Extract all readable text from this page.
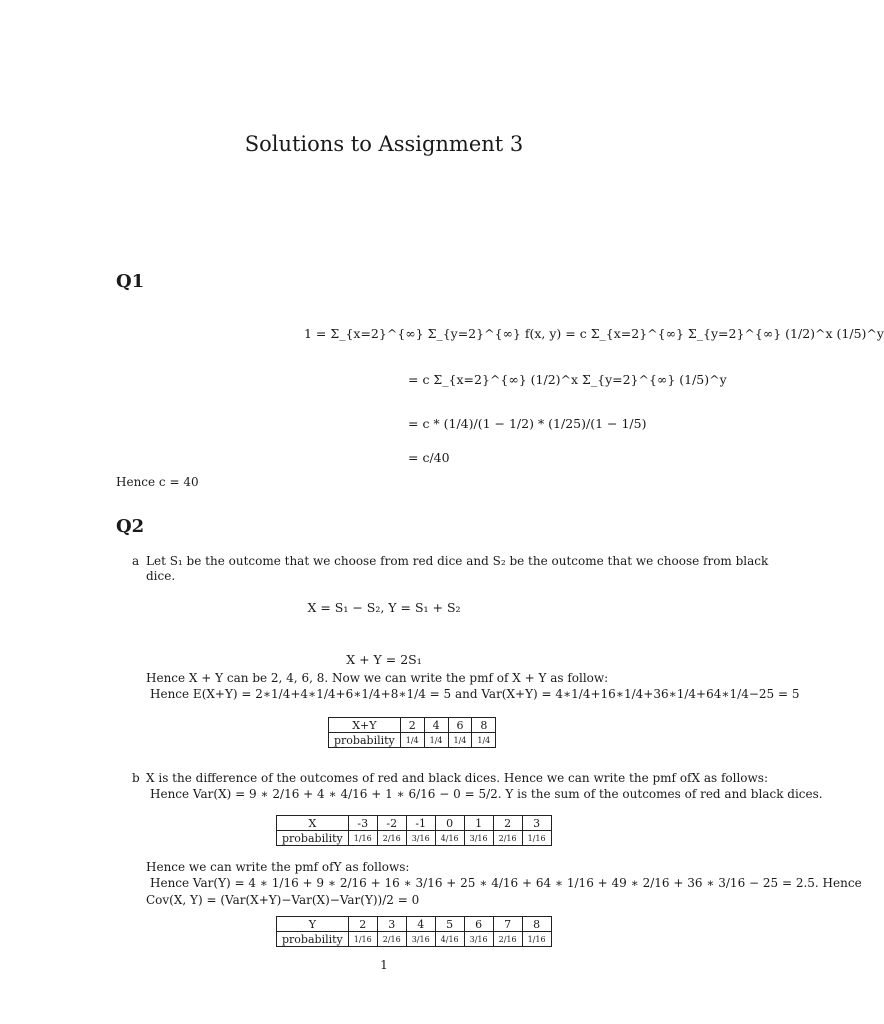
Solutions to Assignment 3
Q1
1 = Σ_{x=2}^{∞} Σ_{y=2}^{∞} f(x, y) = c Σ_{x=2}^{∞} Σ_{y=2}^{∞} (1/2)^x (1/5)^y
= c Σ_{x=2}^{∞} (1/2)^x Σ_{y=2}^{∞} (1/5)^y
= c * (1/4)/(1 − 1/2) * (1/25)/(1 − 1/5)
= c/40
Hence c = 40
Q2
a Let S₁ be the outcome that we choose from red dice and S₂ be the outcome that we choose from black
dice.
X = S₁ − S₂, Y = S₁ + S₂
X + Y = 2S₁
Hence X + Y can be 2, 4, 6, 8. Now we can write the pmf of X + Y as follow:
Hence E(X+Y) = 2∗1/4+4∗1/4+6∗1/4+8∗1/4 = 5 and Var(X+Y) = 4∗1/4+16∗1/4+36∗1/4+64∗1/4−25 = 5
X+Y	2	4	6	8
probability	1/4	1/4	1/4	1/4
b X is the difference of the outcomes of red and black dices. Hence we can write the pmf ofX as follows:
Hence Var(X) = 9 ∗ 2/16 + 4 ∗ 4/16 + 1 ∗ 6/16 − 0 = 5/2. Y is the sum of the outcomes of red and black dices.
X	-3	-2	-1	0	1	2	3
probability	1/16	2/16	3/16	4/16	3/16	2/16	1/16
Hence we can write the pmf ofY as follows:
Hence Var(Y) = 4 ∗ 1/16 + 9 ∗ 2/16 + 16 ∗ 3/16 + 25 ∗ 4/16 + 64 ∗ 1/16 + 49 ∗ 2/16 + 36 ∗ 3/16 − 25 = 2.5. Hence
Cov(X, Y) = (Var(X+Y)−Var(X)−Var(Y))/2 = 0
Y	2	3	4	5	6	7	8
probability	1/16	2/16	3/16	4/16	3/16	2/16	1/16
1
